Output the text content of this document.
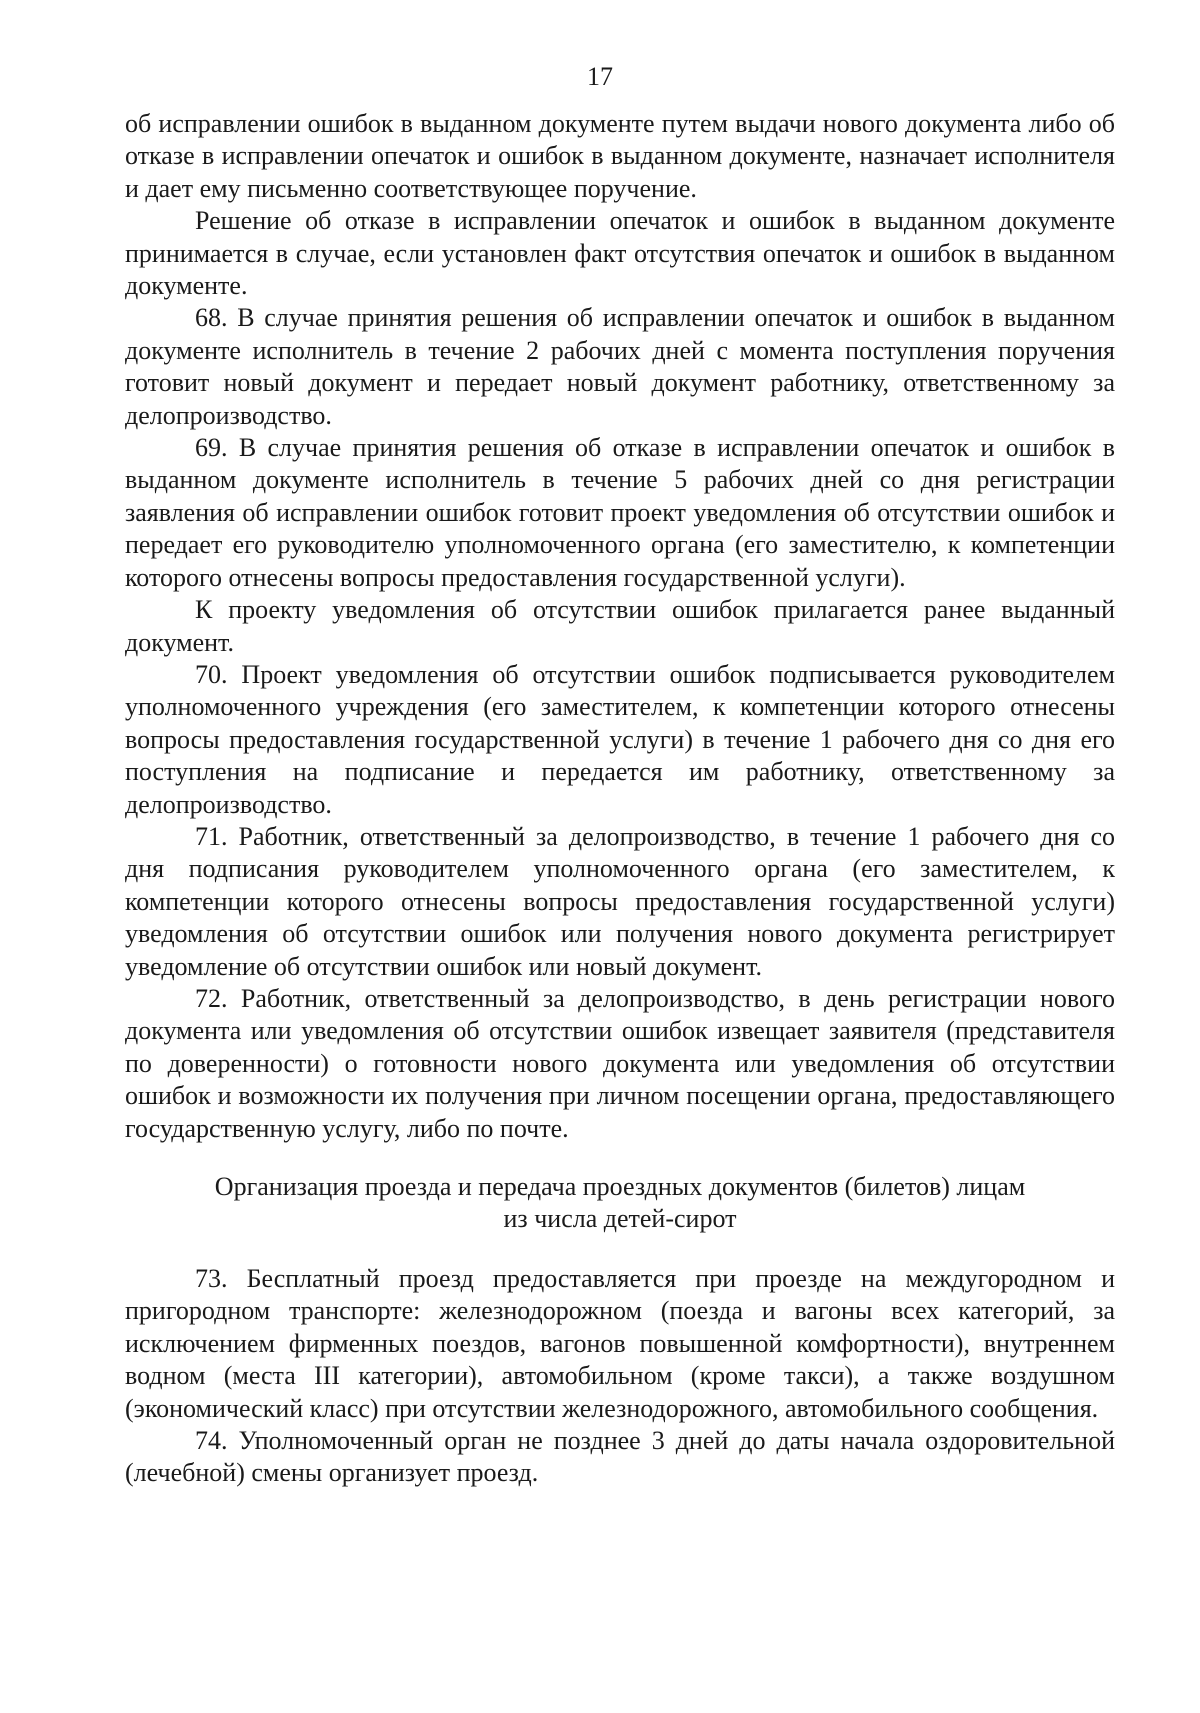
17

об исправлении ошибок в выданном документе путем выдачи нового документа либо об отказе в исправлении опечаток и ошибок в выданном документе, назначает исполнителя и дает ему письменно соответствующее поручение.

Решение об отказе в исправлении опечаток и ошибок в выданном документе принимается в случае, если установлен факт отсутствия опечаток и ошибок в выданном документе.

68. В случае принятия решения об исправлении опечаток и ошибок в выданном документе исполнитель в течение 2 рабочих дней с момента поступления поручения готовит новый документ и передает новый документ работнику, ответственному за делопроизводство.

69. В случае принятия решения об отказе в исправлении опечаток и ошибок в выданном документе исполнитель в течение 5 рабочих дней со дня регистрации заявления об исправлении ошибок готовит проект уведомления об отсутствии ошибок и передает его руководителю уполномоченного органа (его заместителю, к компетенции которого отнесены вопросы предоставления государственной услуги).

К проекту уведомления об отсутствии ошибок прилагается ранее выданный документ.

70. Проект уведомления об отсутствии ошибок подписывается руководителем уполномоченного учреждения (его заместителем, к компетенции которого отнесены вопросы предоставления государственной услуги) в течение 1 рабочего дня со дня его поступления на подписание и передается им работнику, ответственному за делопроизводство.

71. Работник, ответственный за делопроизводство, в течение 1 рабочего дня со дня подписания руководителем уполномоченного органа (его заместителем, к компетенции которого отнесены вопросы предоставления государственной услуги) уведомления об отсутствии ошибок или получения нового документа регистрирует уведомление об отсутствии ошибок или новый документ.

72. Работник, ответственный за делопроизводство, в день регистрации нового документа или уведомления об отсутствии ошибок извещает заявителя (представителя по доверенности) о готовности нового документа или уведомления об отсутствии ошибок и возможности их получения при личном посещении органа, предоставляющего государственную услугу, либо по почте.

Организация проезда и передача проездных документов (билетов) лицам
из числа детей-сирот

73. Бесплатный проезд предоставляется при проезде на междугородном и пригородном транспорте: железнодорожном (поезда и вагоны всех категорий, за исключением фирменных поездов, вагонов повышенной комфортности), внутреннем водном (места III категории), автомобильном (кроме такси), а также воздушном (экономический класс) при отсутствии железнодорожного, автомобильного сообщения.

74. Уполномоченный орган не позднее 3 дней до даты начала оздоровительной (лечебной) смены организует проезд.
